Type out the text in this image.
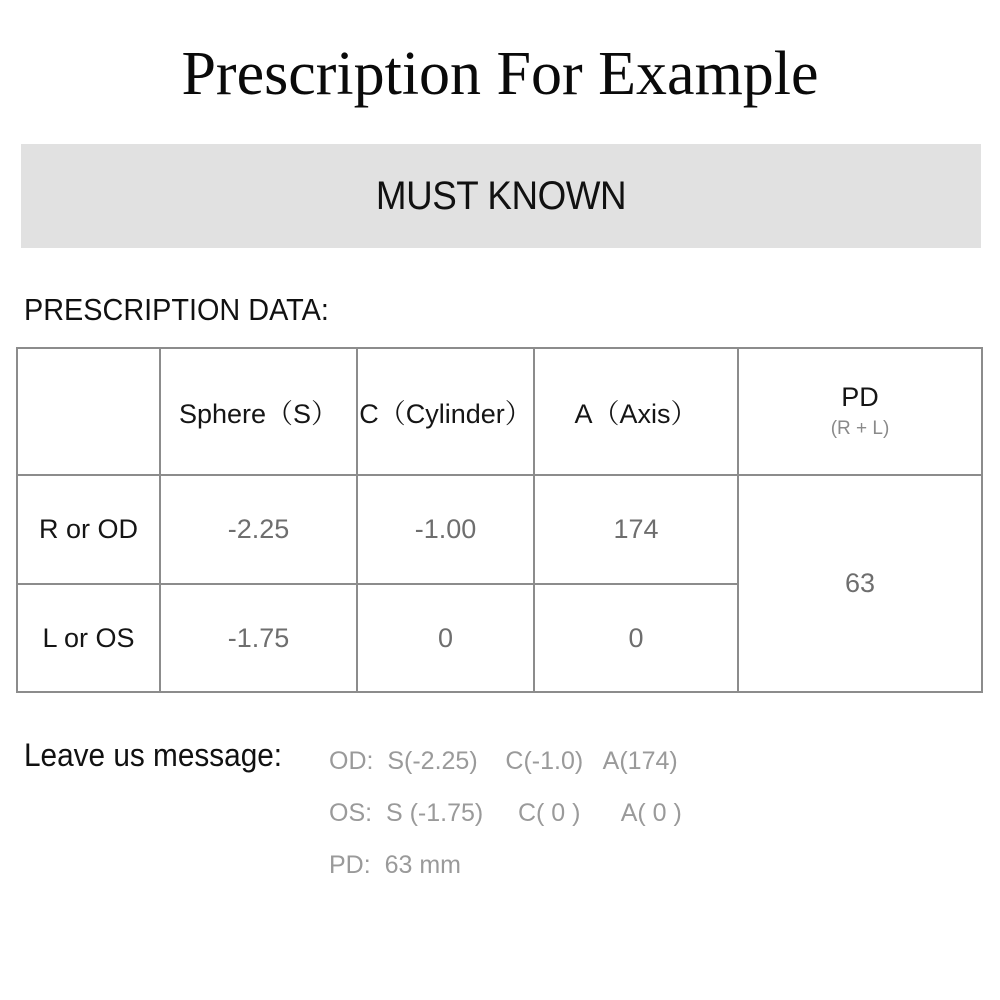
Prescription For Example
MUST KNOWN
PRESCRIPTION DATA:
	Sphere（S）	C（Cylinder）	A（Axis）	PD
(R + L)

R or OD	-2.25	-1.00	174	63
L or OS	-1.75	0	0	
Leave us message: OD:  S(-2.25)    C(-1.0)   A(174)
OS:  S (-1.75)     C( 0 )      A( 0 )
PD:  63 mm
